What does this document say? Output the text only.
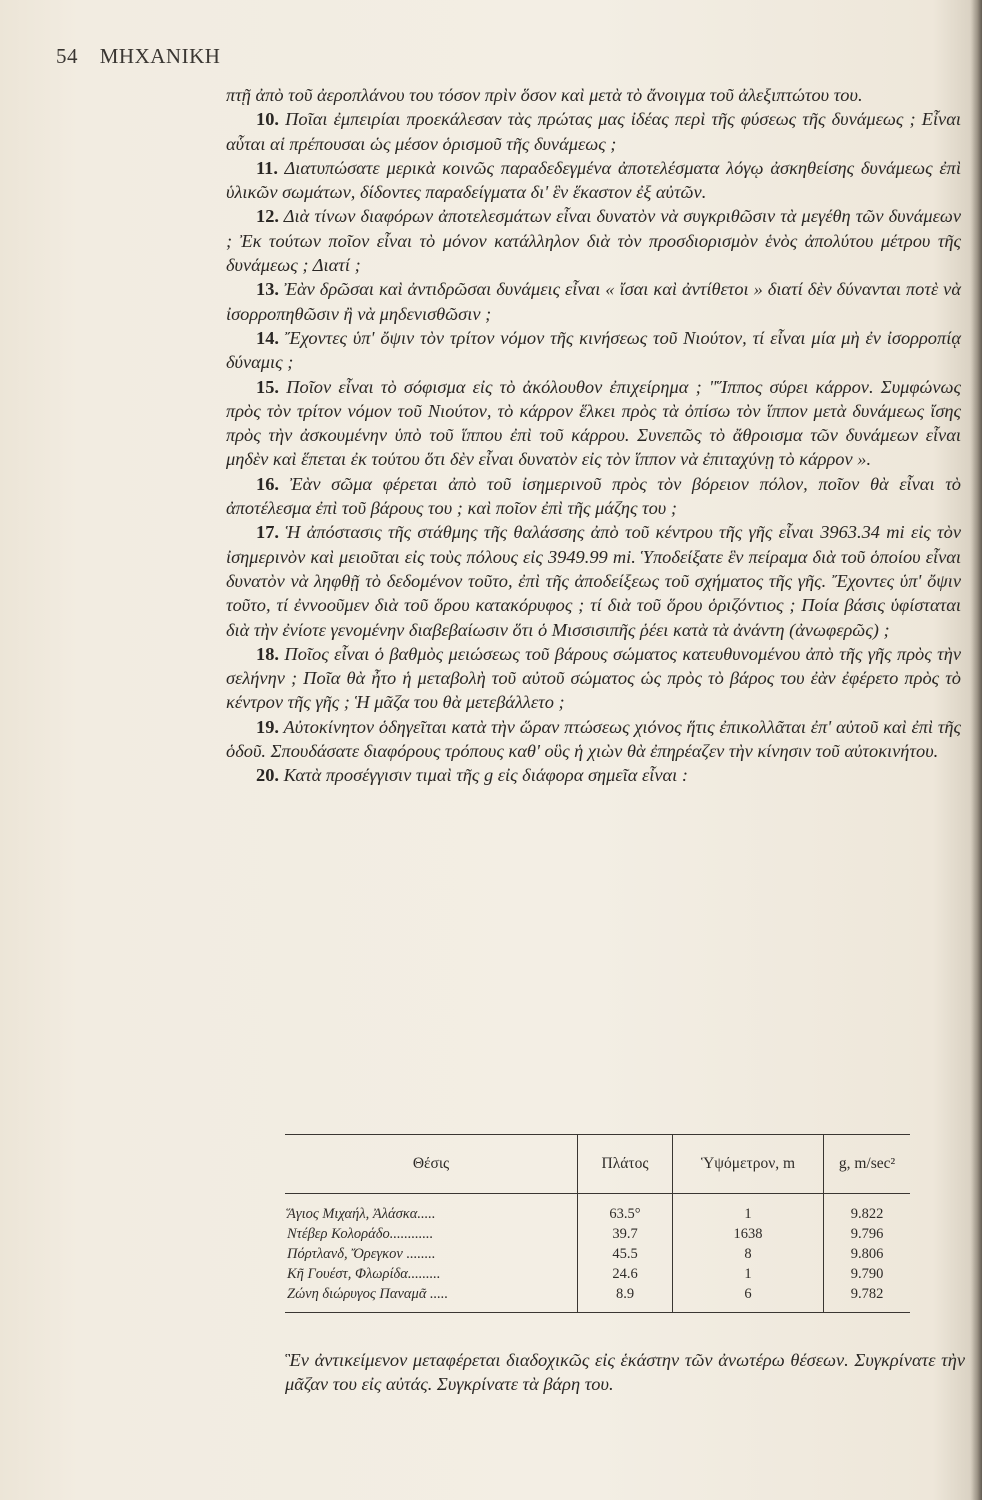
54 ΜΗΧΑΝΙΚΗ

πτῇ ἀπὸ τοῦ ἀεροπλάνου του τόσον πρὶν ὅσον καὶ μετὰ τὸ ἄνοιγμα τοῦ ἀλεξιπτώτου του.

10. Ποῖαι ἐμπειρίαι προεκάλεσαν τὰς πρώτας μας ἰδέας περὶ τῆς φύσεως τῆς δυνάμεως ; Εἶναι αὗται αἱ πρέπουσαι ὡς μέσον ὁρισμοῦ τῆς δυνάμεως ;

11. Διατυπώσατε μερικὰ κοινῶς παραδεδεγμένα ἀποτελέσματα λόγῳ ἀσκηθείσης δυνάμεως ἐπὶ ὑλικῶν σωμάτων, δίδοντες παραδείγματα δι' ἓν ἕκαστον ἐξ αὐτῶν.

12. Διὰ τίνων διαφόρων ἀποτελεσμάτων εἶναι δυνατὸν νὰ συγκριθῶσιν τὰ μεγέθη τῶν δυνάμεων ; Ἐκ τούτων ποῖον εἶναι τὸ μόνον κατάλληλον διὰ τὸν προσδιορισμὸν ἑνὸς ἀπολύτου μέτρου τῆς δυνάμεως ; Διατί ;

13. Ἐὰν δρῶσαι καὶ ἀντιδρῶσαι δυνάμεις εἶναι « ἴσαι καὶ ἀντίθετοι » διατί δὲν δύνανται ποτὲ νὰ ἰσορροπηθῶσιν ἢ νὰ μηδενισθῶσιν ;

14. Ἔχοντες ὑπ' ὄψιν τὸν τρίτον νόμον τῆς κινήσεως τοῦ Νιούτον, τί εἶναι μία μὴ ἐν ἰσορροπίᾳ δύναμις ;

15. Ποῖον εἶναι τὸ σόφισμα εἰς τὸ ἀκόλουθον ἐπιχείρημα ; "Ἵππος σύρει κάρρον. Συμφώνως πρὸς τὸν τρίτον νόμον τοῦ Νιούτον, τὸ κάρρον ἕλκει πρὸς τὰ ὀπίσω τὸν ἵππον μετὰ δυνάμεως ἴσης πρὸς τὴν ἀσκουμένην ὑπὸ τοῦ ἵππου ἐπὶ τοῦ κάρρου. Συνεπῶς τὸ ἄθροισμα τῶν δυνάμεων εἶναι μηδὲν καὶ ἕπεται ἐκ τούτου ὅτι δὲν εἶναι δυνατὸν εἰς τὸν ἵππον νὰ ἐπιταχύνῃ τὸ κάρρον ».

16. Ἐὰν σῶμα φέρεται ἀπὸ τοῦ ἰσημερινοῦ πρὸς τὸν βόρειον πόλον, ποῖον θὰ εἶναι τὸ ἀποτέλεσμα ἐπὶ τοῦ βάρους του ; καὶ ποῖον ἐπὶ τῆς μάζης του ;

17. Ἡ ἀπόστασις τῆς στάθμης τῆς θαλάσσης ἀπὸ τοῦ κέντρου τῆς γῆς εἶναι 3963.34 mi εἰς τὸν ἰσημερινὸν καὶ μειοῦται εἰς τοὺς πόλους εἰς 3949.99 mi. Ὑποδείξατε ἓν πείραμα διὰ τοῦ ὁποίου εἶναι δυνατὸν νὰ ληφθῇ τὸ δεδομένον τοῦτο, ἐπὶ τῆς ἀποδείξεως τοῦ σχήματος τῆς γῆς. Ἔχοντες ὑπ' ὄψιν τοῦτο, τί ἐννοοῦμεν διὰ τοῦ ὅρου κατακόρυφος ; τί διὰ τοῦ ὅρου ὁριζόντιος ; Ποία βάσις ὑφίσταται διὰ τὴν ἐνίοτε γενομένην διαβεβαίωσιν ὅτι ὁ Μισσισιπῆς ῥέει κατὰ τὰ ἀνάντη (ἀνωφερῶς) ;

18. Ποῖος εἶναι ὁ βαθμὸς μειώσεως τοῦ βάρους σώματος κατευθυνομένου ἀπὸ τῆς γῆς πρὸς τὴν σελήνην ; Ποῖα θὰ ἦτο ἡ μεταβολὴ τοῦ αὐτοῦ σώματος ὡς πρὸς τὸ βάρος του ἐὰν ἐφέρετο πρὸς τὸ κέντρον τῆς γῆς ; Ἡ μᾶζα του θὰ μετεβάλλετο ;

19. Αὐτοκίνητον ὁδηγεῖται κατὰ τὴν ὥραν πτώσεως χιόνος ἥτις ἐπικολλᾶται ἐπ' αὐτοῦ καὶ ἐπὶ τῆς ὁδοῦ. Σπουδάσατε διαφόρους τρόπους καθ' οὓς ἡ χιὼν θὰ ἐπηρέαζεν τὴν κίνησιν τοῦ αὐτοκινήτου.

20. Κατὰ προσέγγισιν τιμαὶ τῆς g εἰς διάφορα σημεῖα εἶναι :

Θέσις	Πλάτος	Ὑψόμετρον, m	g, m/sec²
Ἅγιος Μιχαήλ, Ἀλάσκα.....	63.5°	1	9.822
Ντέβερ Κολοράδο............	39.7	1638	9.796
Πόρτλανδ, Ὄρεγκον ........	45.5	8	9.806
Κῆ Γουέστ, Φλωρίδα.........	24.6	1	9.790
Ζώνη διώρυγος Παναμᾶ .....	8.9	6	9.782

Ἓν ἀντικείμενον μεταφέρεται διαδοχικῶς εἰς ἑκάστην τῶν ἀνωτέρω θέσεων. Συγκρίνατε τὴν μᾶζαν του εἰς αὐτάς. Συγκρίνατε τὰ βάρη του.
